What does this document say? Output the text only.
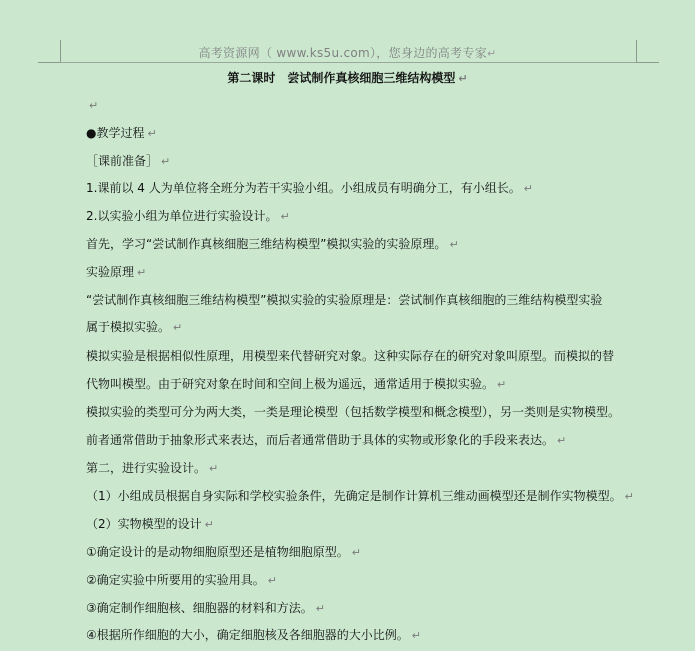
高考资源网（ www.ks5u.com），您身边的高考专家↵
第二课时　尝试制作真核细胞三维结构模型 ↵
↵
●教学过程 ↵
［课前准备］ ↵
1.课前以 4 人为单位将全班分为若干实验小组。小组成员有明确分工，有小组长。 ↵
2.以实验小组为单位进行实验设计。 ↵
首先，学习“尝试制作真核细胞三维结构模型”模拟实验的实验原理。 ↵
实验原理 ↵
“尝试制作真核细胞三维结构模型”模拟实验的实验原理是：尝试制作真核细胞的三维结构模型实验
属于模拟实验。 ↵
模拟实验是根据相似性原理，用模型来代替研究对象。这种实际存在的研究对象叫原型。而模拟的替
代物叫模型。由于研究对象在时间和空间上极为遥远，通常适用于模拟实验。 ↵
模拟实验的类型可分为两大类，一类是理论模型（包括数学模型和概念模型），另一类则是实物模型。
前者通常借助于抽象形式来表达，而后者通常借助于具体的实物或形象化的手段来表达。 ↵
第二，进行实验设计。 ↵
（1）小组成员根据自身实际和学校实验条件，先确定是制作计算机三维动画模型还是制作实物模型。 ↵
（2）实物模型的设计 ↵
①确定设计的是动物细胞原型还是植物细胞原型。 ↵
②确定实验中所要用的实验用具。 ↵
③确定制作细胞核、细胞器的材料和方法。 ↵
④根据所作细胞的大小，确定细胞核及各细胞器的大小比例。 ↵
